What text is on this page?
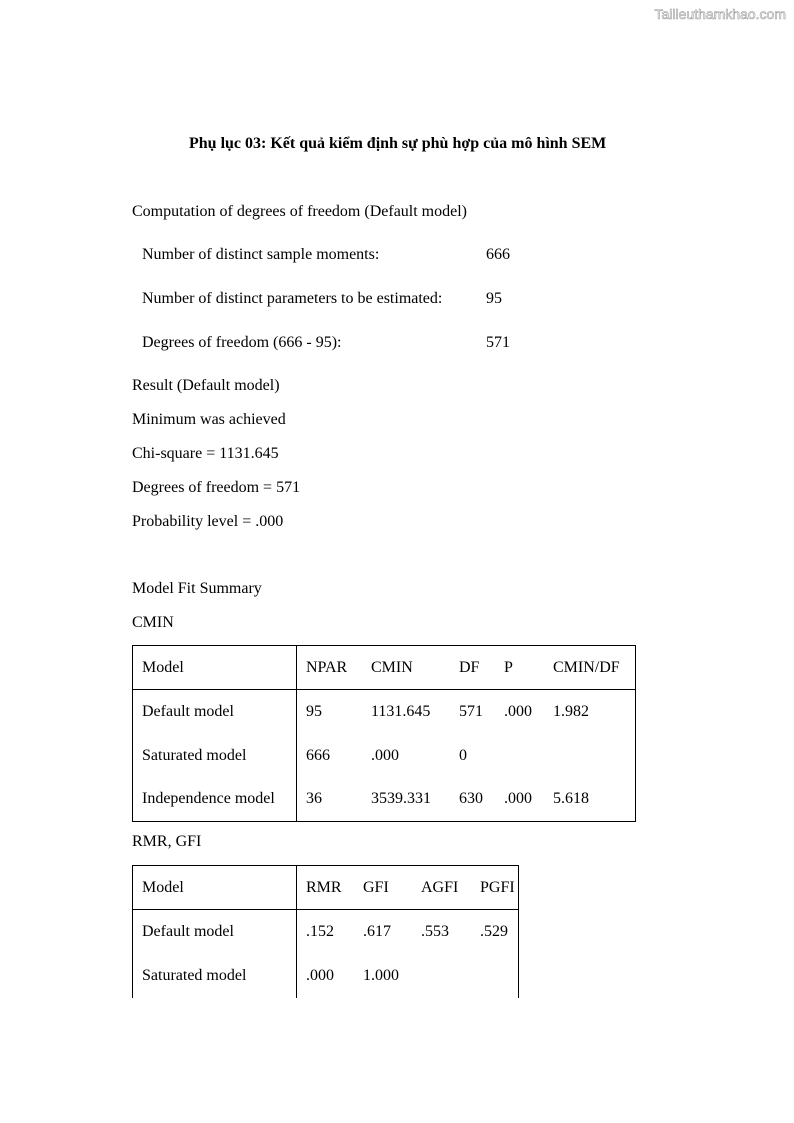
Tailieuthamkhao.com
Phụ lục 03: Kết quả kiểm định sự phù hợp của mô hình SEM
Computation of degrees of freedom (Default model)
Number of distinct sample moments:	666
Number of distinct parameters to be estimated:	95
Degrees of freedom (666 - 95):	571
Result (Default model)
Minimum was achieved
Chi-square = 1131.645
Degrees of freedom = 571
Probability level = .000
Model Fit Summary
CMIN
Model	NPAR	CMIN	DF	P	CMIN/DF
Default model	95	1131.645	571	.000	1.982
Saturated model	666	.000	0		
Independence model	36	3539.331	630	.000	5.618
RMR, GFI
Model	RMR	GFI	AGFI	PGFI
Default model	.152	.617	.553	.529
Saturated model	.000	1.000		
